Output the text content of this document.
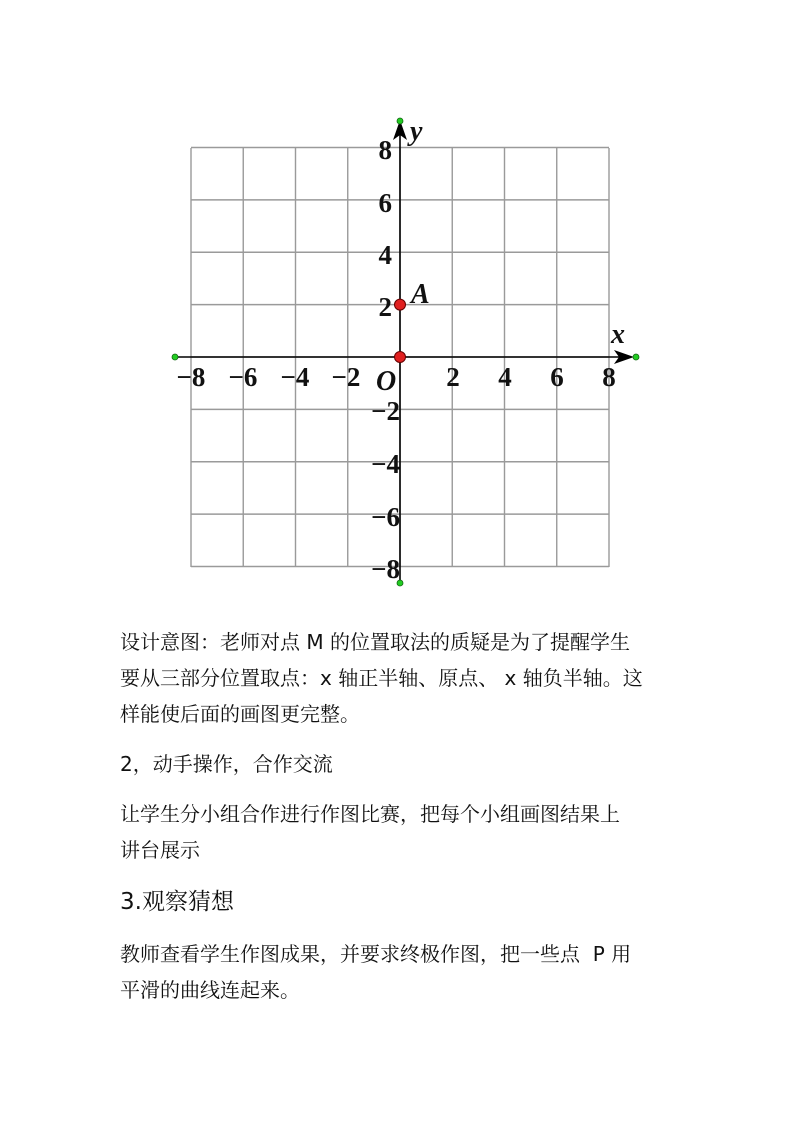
−8 −6 −4 −2	2 4 6 8
8
6
4
2
−2
−4
−6
−8
x
y
O
A

设计意图：老师对点 M 的位置取法的质疑是为了提醒学生

要从三部分位置取点：x 轴正半轴、原点、 x 轴负半轴。这

样能使后面的画图更完整。

2，动手操作，合作交流

让学生分小组合作进行作图比赛，把每个小组画图结果上

讲台展示

3.观察猜想

教师查看学生作图成果，并要求终极作图，把一些点  P 用

平滑的曲线连起来。
